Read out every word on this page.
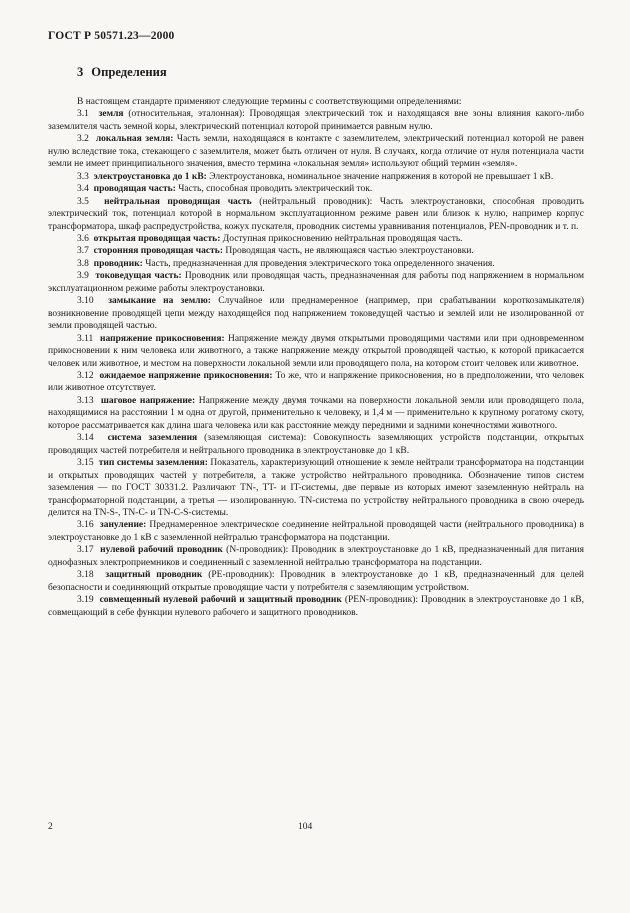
ГОСТ Р 50571.23—2000
3 Определения

В настоящем стандарте применяют следующие термины с соответствующими определениями:

3.1 земля (относительная, эталонная): Проводящая электрический ток и находящаяся вне зоны влияния какого-либо заземлителя часть земной коры, электрический потенциал которой принимается равным нулю.

3.2 локальная земля: Часть земли, находящаяся в контакте с заземлителем, электрический потенциал которой не равен нулю вследствие тока, стекающего с заземлителя, может быть отличен от нуля. В случаях, когда отличие от нуля потенциала части земли не имеет принципиального значения, вместо термина «локальная земля» используют общий термин «земля».

3.3 электроустановка до 1 кВ: Электроустановка, номинальное значение напряжения в которой не превышает 1 кВ.

3.4 проводящая часть: Часть, способная проводить электрический ток.

3.5 нейтральная проводящая часть (нейтральный проводник): Часть электроустановки, способная проводить электрический ток, потенциал которой в нормальном эксплуатационном режиме равен или близок к нулю, например корпус трансформатора, шкаф распредустройства, кожух пускателя, проводник системы уравнивания потенциалов, PEN-проводник и т. п.

3.6 открытая проводящая часть: Доступная прикосновению нейтральная проводящая часть.

3.7 сторонняя проводящая часть: Проводящая часть, не являющаяся частью электроустановки.

3.8 проводник: Часть, предназначенная для проведения электрического тока определенного значения.

3.9 токоведущая часть: Проводник или проводящая часть, предназначенная для работы под напряжением в нормальном эксплуатационном режиме работы электроустановки.

3.10 замыкание на землю: Случайное или преднамеренное (например, при срабатывании короткозамыкателя) возникновение проводящей цепи между находящейся под напряжением токоведущей частью и землей или не изолированной от земли проводящей частью.

3.11 напряжение прикосновения: Напряжение между двумя открытыми проводящими частями или при одновременном прикосновении к ним человека или животного, а также напряжение между открытой проводящей частью, к которой прикасается человек или животное, и местом на поверхности локальной земли или проводящего пола, на котором стоит человек или животное.

3.12 ожидаемое напряжение прикосновения: То же, что и напряжение прикосновения, но в предположении, что человек или животное отсутствует.

3.13 шаговое напряжение: Напряжение между двумя точками на поверхности локальной земли или проводящего пола, находящимися на расстоянии 1 м одна от другой, применительно к человеку, и 1,4 м — применительно к крупному рогатому скоту, которое рассматривается как длина шага человека или как расстояние между передними и задними конечностями животного.

3.14 система заземления (заземляющая система): Совокупность заземляющих устройств подстанции, открытых проводящих частей потребителя и нейтрального проводника в электроустановке до 1 кВ.

3.15 тип системы заземления: Показатель, характеризующий отношение к земле нейтрали трансформатора на подстанции и открытых проводящих частей у потребителя, а также устройство нейтрального проводника. Обозначение типов систем заземления — по ГОСТ 30331.2. Различают TN-, TT- и IT-системы, две первые из которых имеют заземленную нейтраль на трансформаторной подстанции, а третья — изолированную. TN-система по устройству нейтрального проводника в свою очередь делится на TN-S-, TN-C- и TN-C-S-системы.

3.16 зануление: Преднамеренное электрическое соединение нейтральной проводящей части (нейтрального проводника) в электроустановке до 1 кВ с заземленной нейтралью трансформатора на подстанции.

3.17 нулевой рабочий проводник (N-проводник): Проводник в электроустановке до 1 кВ, предназначенный для питания однофазных электроприемников и соединенный с заземленной нейтралью трансформатора на подстанции.

3.18 защитный проводник (PE-проводник): Проводник в электроустановке до 1 кВ, предназначенный для целей безопасности и соединяющий открытые проводящие части у потребителя с заземляющим устройством.

3.19 совмещенный нулевой рабочий и защитный проводник (PEN-проводник): Проводник в электроустановке до 1 кВ, совмещающий в себе функции нулевого рабочего и защитного проводников.

2	104
